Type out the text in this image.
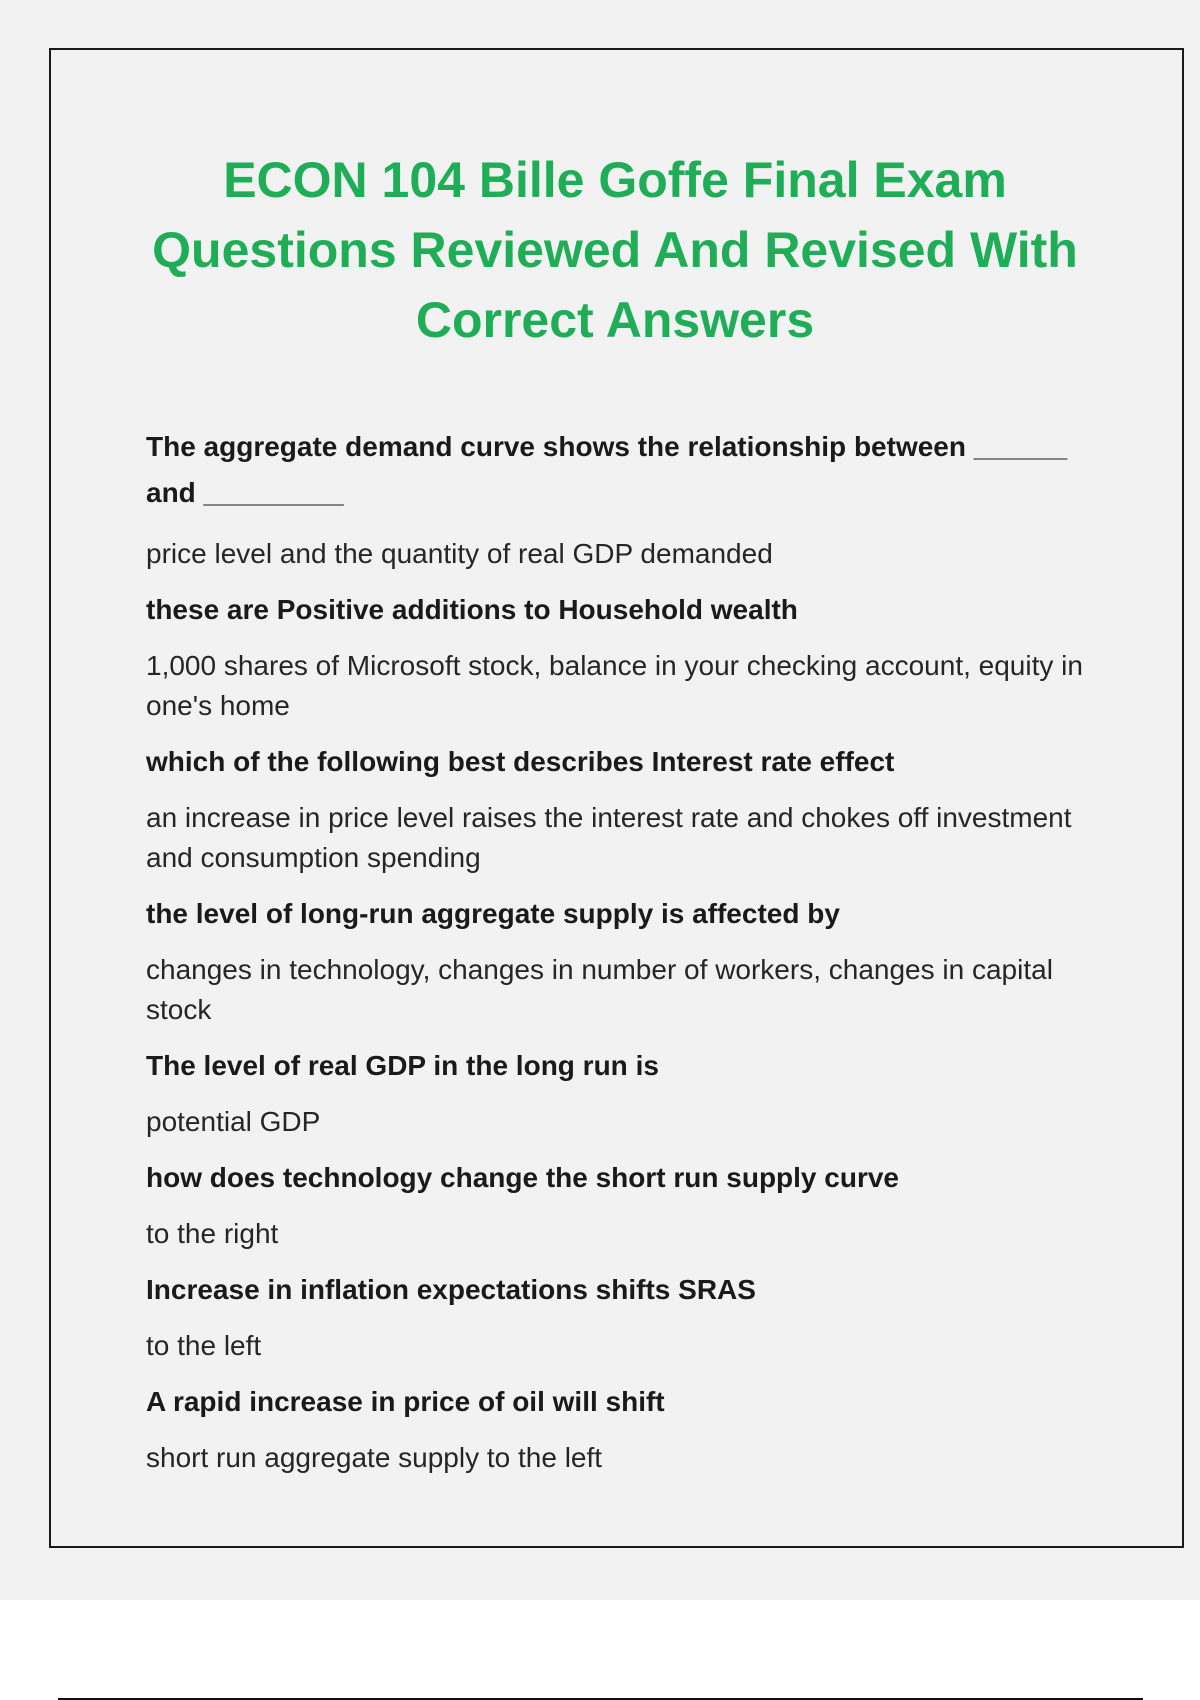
ECON 104 Bille Goffe Final Exam Questions Reviewed And Revised With Correct Answers

The aggregate demand curve shows the relationship between ______ and _________

price level and the quantity of real GDP demanded

these are Positive additions to Household wealth

1,000 shares of Microsoft stock, balance in your checking account, equity in one's home

which of the following best describes Interest rate effect

an increase in price level raises the interest rate and chokes off investment and consumption spending

the level of long-run aggregate supply is affected by

changes in technology, changes in number of workers, changes in capital stock

The level of real GDP in the long run is

potential GDP

how does technology change the short run supply curve

to the right

Increase in inflation expectations shifts SRAS

to the left

A rapid increase in price of oil will shift

short run aggregate supply to the left
